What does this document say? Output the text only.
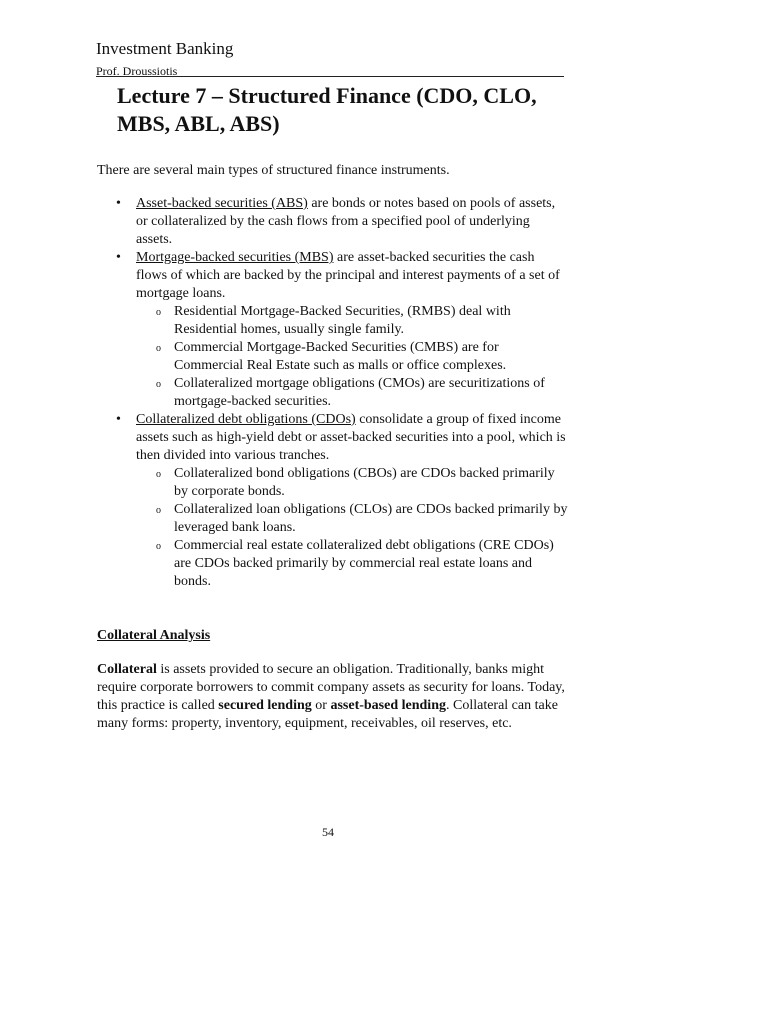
Investment Banking
Prof. Droussiotis
Lecture 7 – Structured Finance (CDO, CLO, MBS, ABL, ABS)

There are several main types of structured finance instruments.

• Asset-backed securities (ABS) are bonds or notes based on pools of assets, or collateralized by the cash flows from a specified pool of underlying assets.
• Mortgage-backed securities (MBS) are asset-backed securities the cash flows of which are backed by the principal and interest payments of a set of mortgage loans.
o Residential Mortgage-Backed Securities, (RMBS) deal with Residential homes, usually single family.
o Commercial Mortgage-Backed Securities (CMBS) are for Commercial Real Estate such as malls or office complexes.
o Collateralized mortgage obligations (CMOs) are securitizations of mortgage-backed securities.
• Collateralized debt obligations (CDOs) consolidate a group of fixed income assets such as high-yield debt or asset-backed securities into a pool, which is then divided into various tranches.
o Collateralized bond obligations (CBOs) are CDOs backed primarily by corporate bonds.
o Collateralized loan obligations (CLOs) are CDOs backed primarily by leveraged bank loans.
o Commercial real estate collateralized debt obligations (CRE CDOs) are CDOs backed primarily by commercial real estate loans and bonds.

Collateral Analysis

Collateral is assets provided to secure an obligation. Traditionally, banks might require corporate borrowers to commit company assets as security for loans. Today, this practice is called secured lending or asset-based lending. Collateral can take many forms: property, inventory, equipment, receivables, oil reserves, etc.

54
